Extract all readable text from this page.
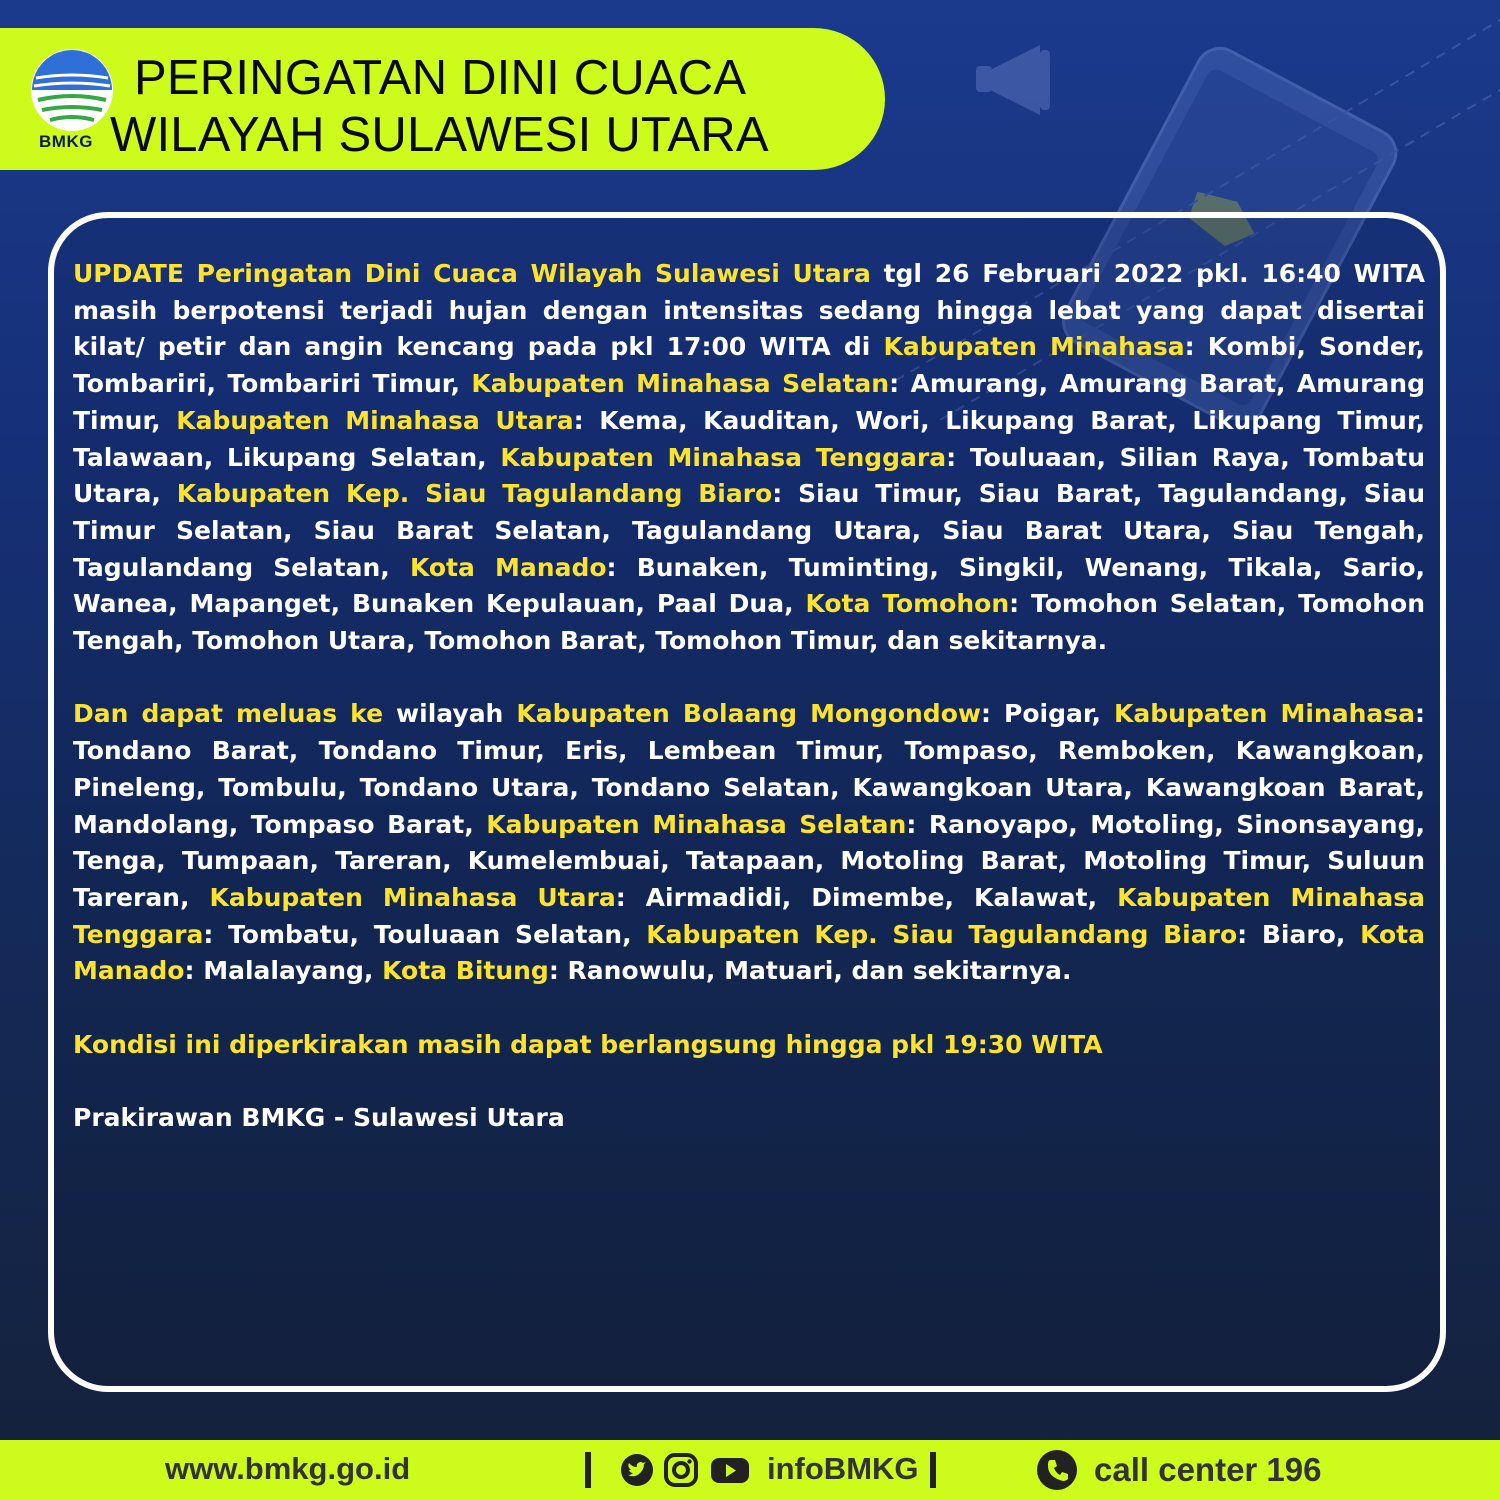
BMKG
PERINGATAN DINI CUACA
WILAYAH SULAWESI UTARA

UPDATE Peringatan Dini Cuaca Wilayah Sulawesi Utara tgl 26 Februari 2022 pkl. 16:40 WITA masih berpotensi terjadi hujan dengan intensitas sedang hingga lebat yang dapat disertai kilat/ petir dan angin kencang pada pkl 17:00 WITA di Kabupaten Minahasa: Kombi, Sonder, Tombariri, Tombariri Timur, Kabupaten Minahasa Selatan: Amurang, Amurang Barat, Amurang Timur, Kabupaten Minahasa Utara: Kema, Kauditan, Wori, Likupang Barat, Likupang Timur, Talawaan, Likupang Selatan, Kabupaten Minahasa Tenggara: Touluaan, Silian Raya, Tombatu Utara, Kabupaten Kep. Siau Tagulandang Biaro: Siau Timur, Siau Barat, Tagulandang, Siau Timur Selatan, Siau Barat Selatan, Tagulandang Utara, Siau Barat Utara, Siau Tengah, Tagulandang Selatan, Kota Manado: Bunaken, Tuminting, Singkil, Wenang, Tikala, Sario, Wanea, Mapanget, Bunaken Kepulauan, Paal Dua, Kota Tomohon: Tomohon Selatan, Tomohon Tengah, Tomohon Utara, Tomohon Barat, Tomohon Timur, dan sekitarnya.

Dan dapat meluas ke wilayah Kabupaten Bolaang Mongondow: Poigar, Kabupaten Minahasa: Tondano Barat, Tondano Timur, Eris, Lembean Timur, Tompaso, Remboken, Kawangkoan, Pineleng, Tombulu, Tondano Utara, Tondano Selatan, Kawangkoan Utara, Kawangkoan Barat, Mandolang, Tompaso Barat, Kabupaten Minahasa Selatan: Ranoyapo, Motoling, Sinonsayang, Tenga, Tumpaan, Tareran, Kumelembuai, Tatapaan, Motoling Barat, Motoling Timur, Suluun Tareran, Kabupaten Minahasa Utara: Airmadidi, Dimembe, Kalawat, Kabupaten Minahasa Tenggara: Tombatu, Touluaan Selatan, Kabupaten Kep. Siau Tagulandang Biaro: Biaro, Kota Manado: Malalayang, Kota Bitung: Ranowulu, Matuari, dan sekitarnya.

Kondisi ini diperkirakan masih dapat berlangsung hingga pkl 19:30 WITA

Prakirawan BMKG - Sulawesi Utara

www.bmkg.go.id	infoBMKG	call center 196
